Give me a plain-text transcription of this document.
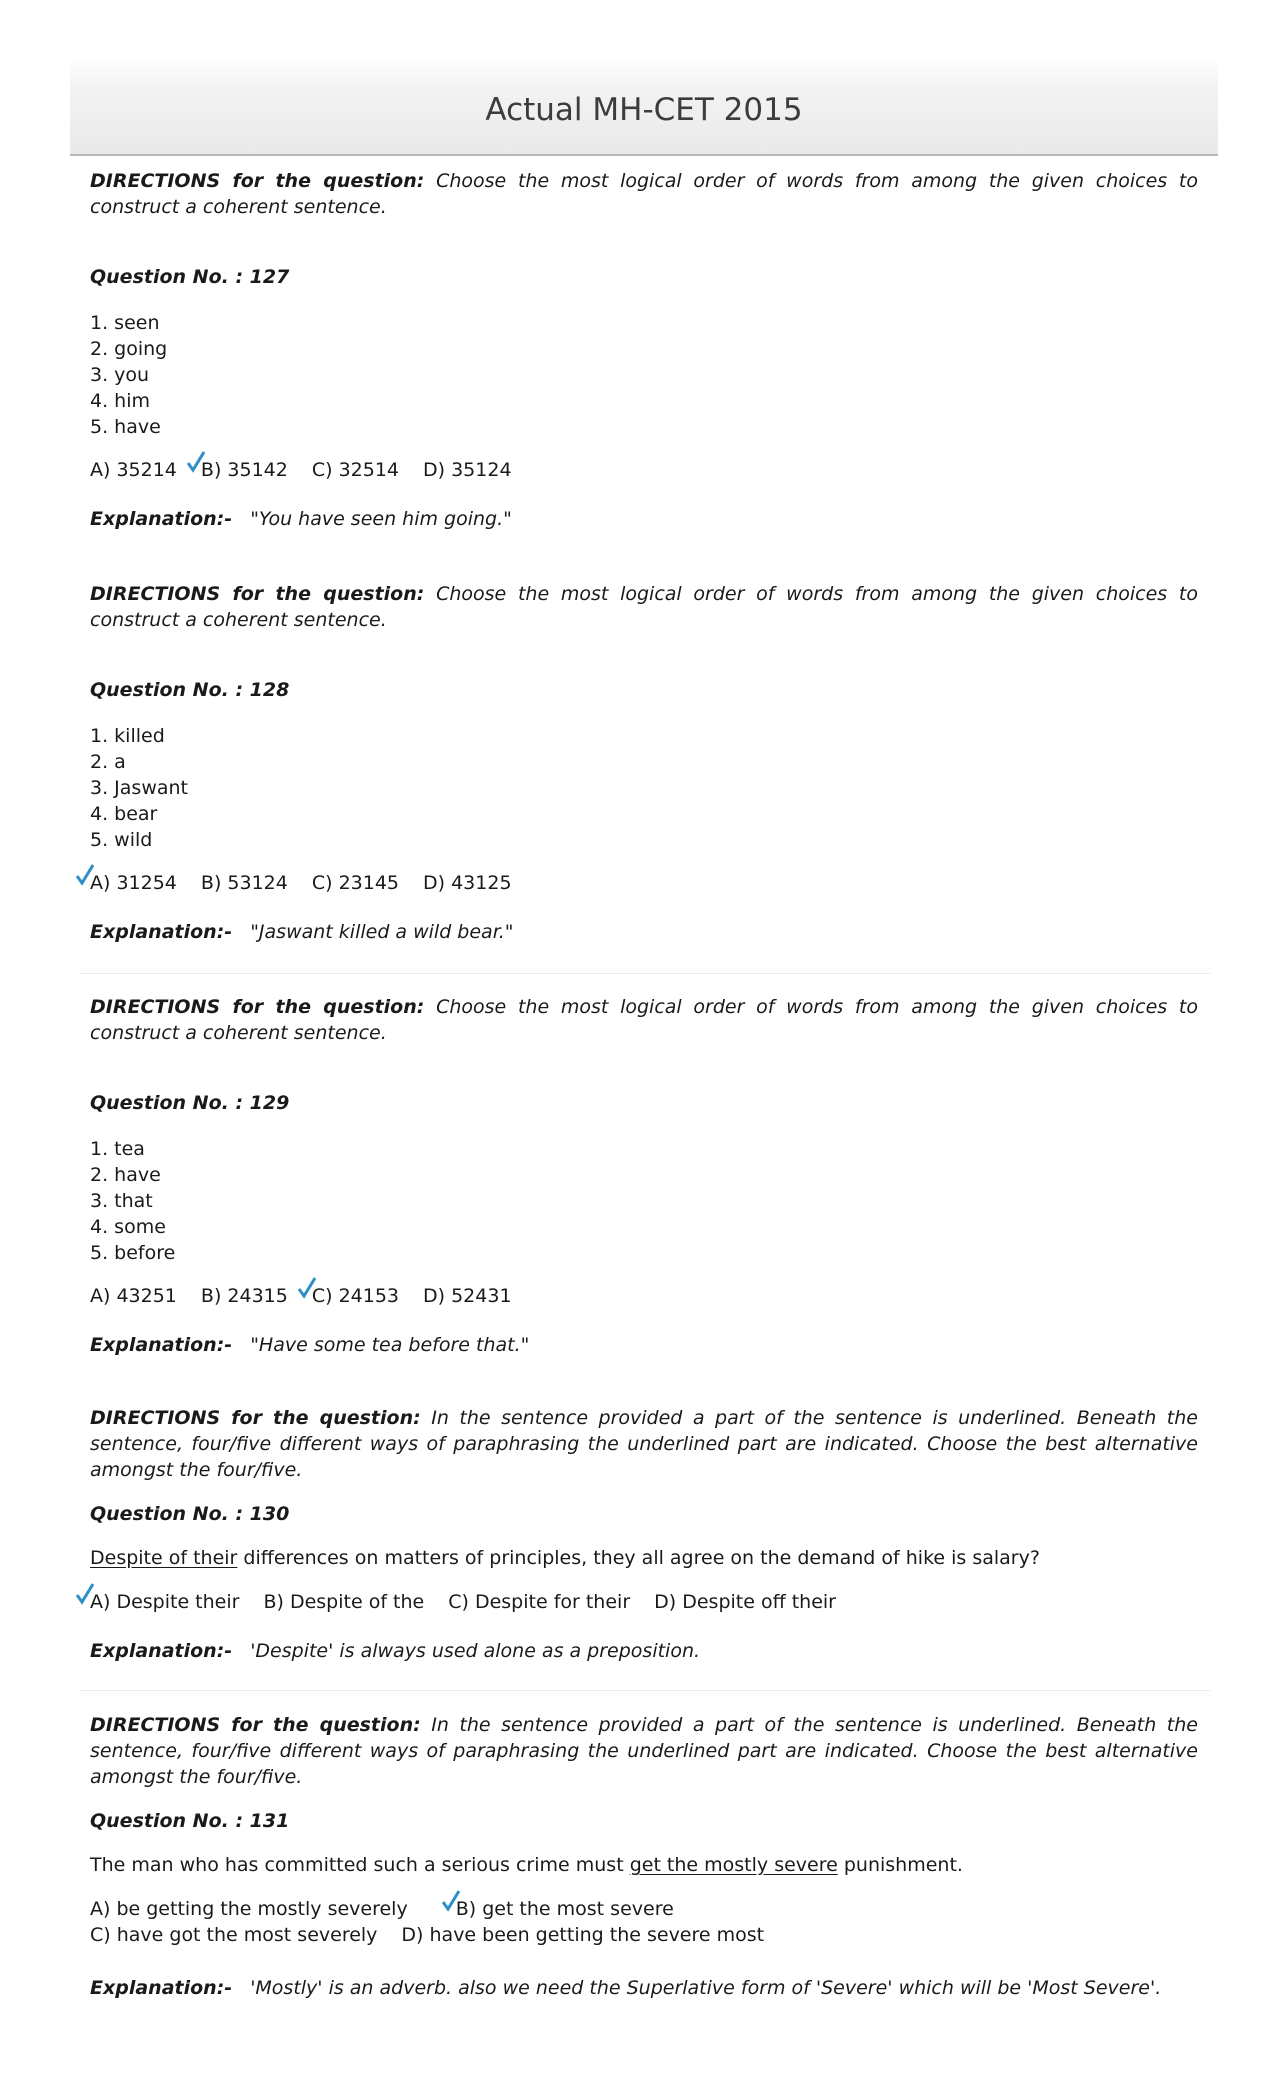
Actual MH-CET 2015

DIRECTIONS for the question: Choose the most logical order of words from among the given choices to construct a coherent sentence.

Question No. : 127

1. seen
2. going
3. you
4. him
5. have
A) 35214 B) 35142 C) 32514 D) 35124
Explanation:- "You have seen him going."

DIRECTIONS for the question: Choose the most logical order of words from among the given choices to construct a coherent sentence.

Question No. : 128

1. killed
2. a
3. Jaswant
4. bear
5. wild
A) 31254 B) 53124 C) 23145 D) 43125
Explanation:- "Jaswant killed a wild bear."

DIRECTIONS for the question: Choose the most logical order of words from among the given choices to construct a coherent sentence.

Question No. : 129

1. tea
2. have
3. that
4. some
5. before
A) 43251 B) 24315 C) 24153 D) 52431
Explanation:- "Have some tea before that."

DIRECTIONS for the question: In the sentence provided a part of the sentence is underlined. Beneath the sentence, four/five different ways of paraphrasing the underlined part are indicated. Choose the best alternative amongst the four/five.

Question No. : 130

Despite of their differences on matters of principles, they all agree on the demand of hike is salary?
A) Despite their B) Despite of the C) Despite for their D) Despite off their
Explanation:- 'Despite' is always used alone as a preposition.

DIRECTIONS for the question: In the sentence provided a part of the sentence is underlined. Beneath the sentence, four/five different ways of paraphrasing the underlined part are indicated. Choose the best alternative amongst the four/five.

Question No. : 131

The man who has committed such a serious crime must get the mostly severe punishment.
A) be getting the mostly severely	B) get the most severe
C) have got the most severely D) have been getting the severe most
Explanation:- 'Mostly' is an adverb. also we need the Superlative form of 'Severe' which will be 'Most Severe'.
